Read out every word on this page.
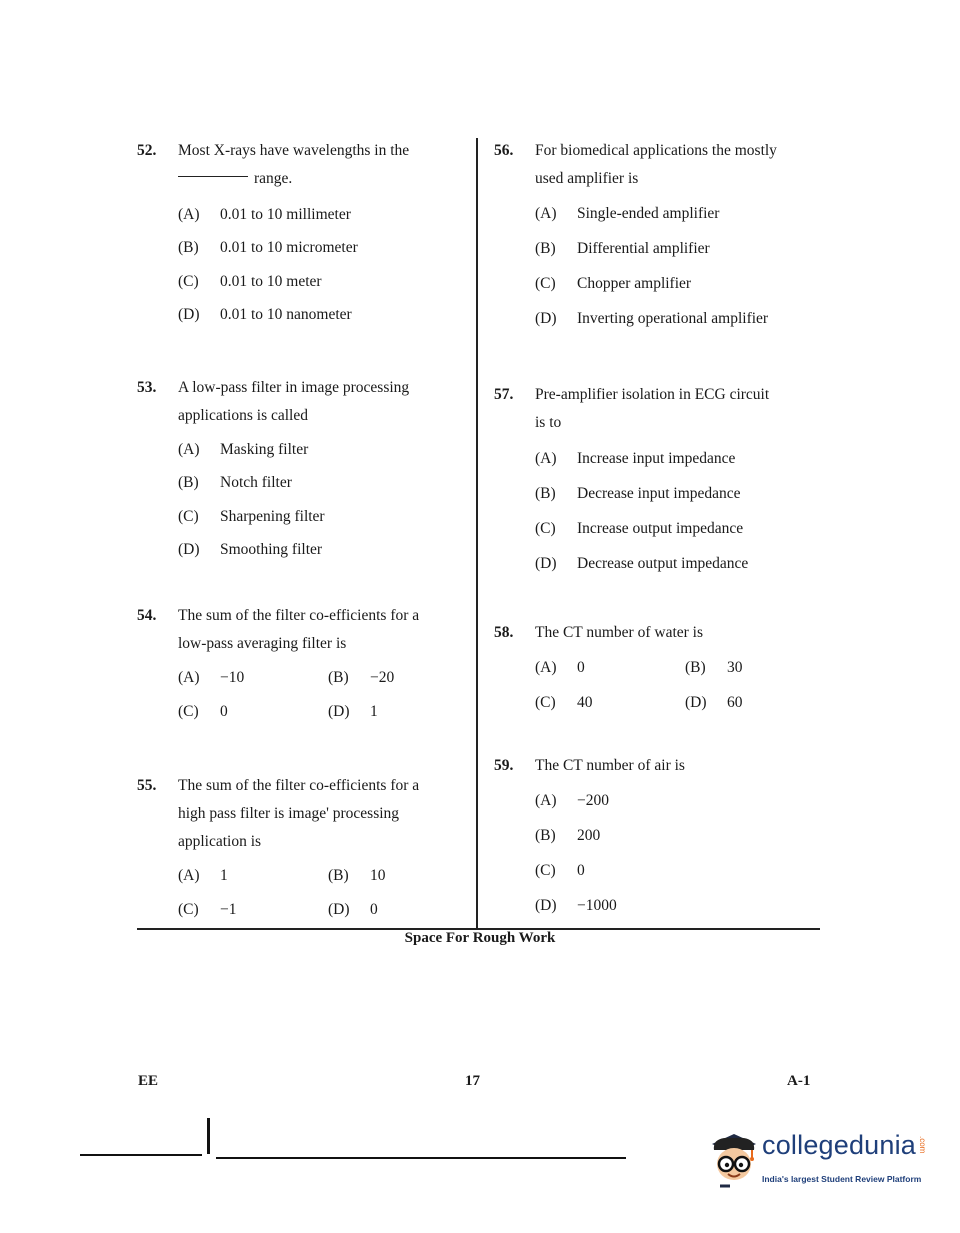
52. Most X-rays have wavelengths in the
range.
(A) 0.01 to 10 millimeter
(B) 0.01 to 10 micrometer
(C) 0.01 to 10 meter
(D) 0.01 to 10 nanometer
53. A low-pass filter in image processing
applications is called
(A) Masking filter
(B) Notch filter
(C) Sharpening filter
(D) Smoothing filter
54. The sum of the filter co-efficients for a
low-pass averaging filter is
(A) −10	(B) −20
(C) 0	(D) 1
55. The sum of the filter co-efficients for a
high pass filter is image' processing
application is
(A) 1	(B) 10
(C) −1	(D) 0
56. For biomedical applications the mostly
used amplifier is
(A) Single-ended amplifier
(B) Differential amplifier
(C) Chopper amplifier
(D) Inverting operational amplifier
57. Pre-amplifier isolation in ECG circuit
is to
(A) Increase input impedance
(B) Decrease input impedance
(C) Increase output impedance
(D) Decrease output impedance
58. The CT number of water is
(A) 0	(B) 30
(C) 40	(D) 60
59. The CT number of air is
(A) −200
(B) 200
(C) 0
(D) −1000
Space For Rough Work
EE	17	A-1
collegedunia .com
India's largest Student Review Platform
